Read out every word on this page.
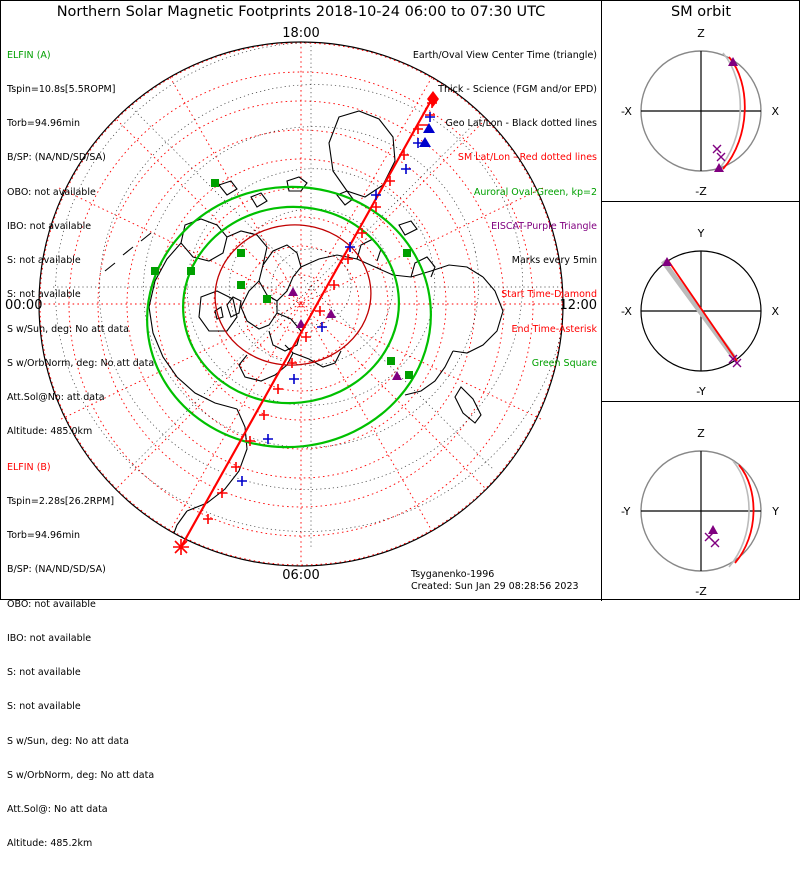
Northern Solar Magnetic Footprints 2018-10-24 06:00 to 07:30 UTC	SM orbit
18:00
00:00	12:00
06:00

Earth/Oval View Center Time (triangle)

Thick - Science (FGM and/or EPD)

Geo Lat/Lon - Black dotted lines

SM Lat/Lon - Red dotted lines

Auroral Oval-Green, kp=2

EISCAT-Purple Triangle

Marks every 5min

Start Time-Diamond

End Time-Asterisk

Green Square

ELFIN (A)

Tspin=10.8s[5.5ROPM]

Torb=94.96min

B/SP: (NA/ND/SD/SA)

OBO: not available

IBO: not available

S: not available

S: not available

S w/Sun, deg: No att data

S w/OrbNorm, deg: No att data

Att.Sol@No: att data

Altitude: 485.0km

ELFIN (B)

Tspin=2.28s[26.2RPM]

Torb=94.96min

B/SP: (NA/ND/SD/SA)

OBO: not available

IBO: not available

S: not available

S: not available

S w/Sun, deg: No att data

S w/OrbNorm, deg: No att data

Att.Sol@: No att data

Altitude: 485.2km

Tsyganenko-1996
Created: Sun Jan 29 08:28:56 2023
Z
-X	X
-Z
Y
-X	X
-Y
Z
-Y	Y
-Z
